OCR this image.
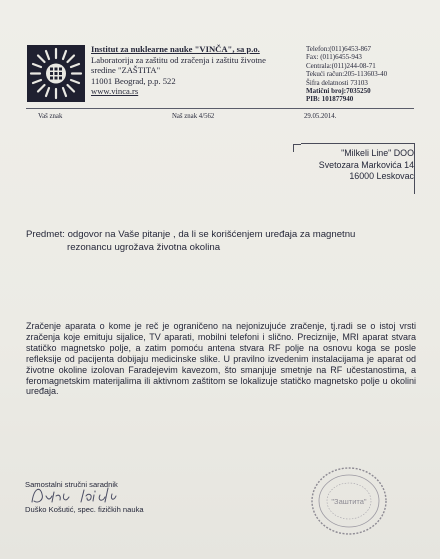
Institut za nuklearne nauke "VINČA", sa p.o.
Laboratorija za zaštitu od zračenja i zaštitu životne
sredine "ZAŠTITA"
11001 Beograd, p.p. 522
www.vinca.rs
Telefon:(011)6453-867
Fax: (011)6455-943
Centrala:(011)244-08-71
Tekući račun:205-113603-40
Šifra delatnosti 73103
Matični broj:7035250
PIB: 101877940
Vaš znak	Naš znak 4/562	29.05.2014.
"Milkeli Line" DOO
Svetozara Markovića 14
16000 Leskovac
Predmet: odgovor na Vaše pitanje , da li se korišćenjem uređaja za magnetnu
rezonancu ugrožava životna okolina
Zračenje aparata o kome je reč je ograničeno na nejonizujuće zračenje, tj.radi se o istoj vrsti zračenja koje emituju sijalice, TV aparati, mobilni telefoni i slično. Preciznije, MRI aparat stvara statičko magnetsko polje, a zatim pomoću antena stvara RF polje na osnovu koga se posle refleksije od pacijenta dobijaju medicinske slike. U pravilno izvedenim instalacijama je aparat od životne okoline izolovan Faradejevim kavezom, što smanjuje smetnje na RF učestanostima, a feromagnetskim materijalima ili aktivnom zaštitom se lokalizuje statičko magnetsko polje u okolini uređaja.
Samostalni stručni saradnik
Duško Košutić, spec. fizičkih nauka
"Заштита"
